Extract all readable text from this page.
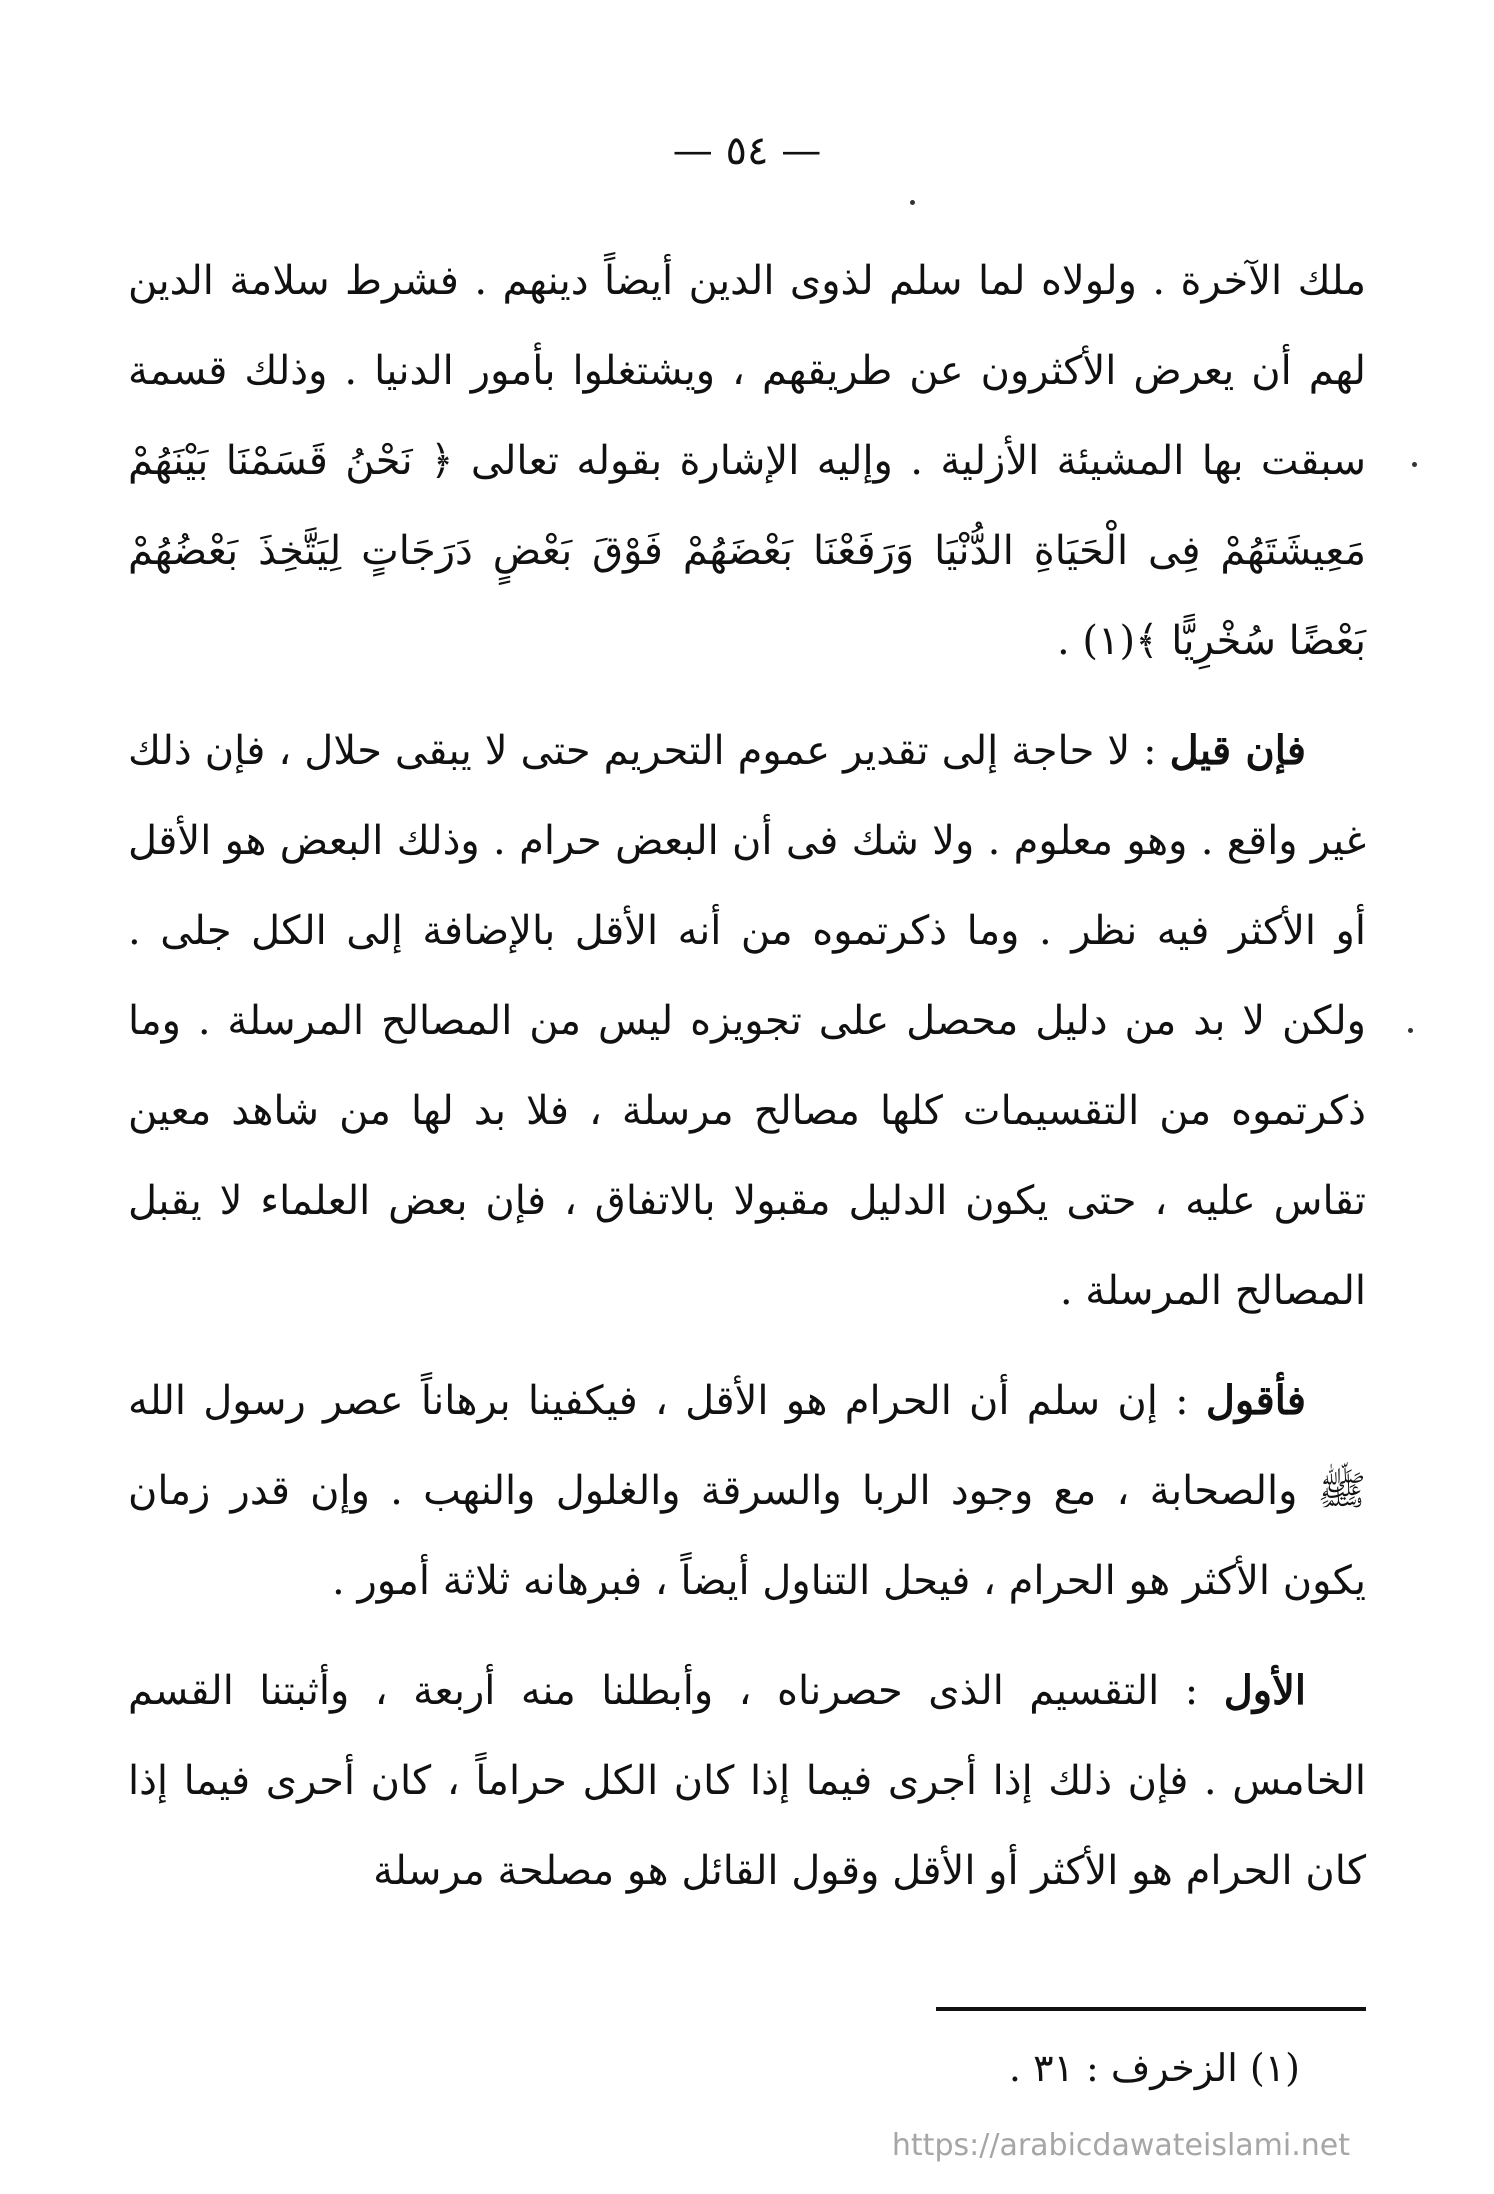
— ٥٤ —

ملك الآخرة . ولولاه لما سلم لذوى الدين أيضاً دينهم . فشرط سلامة الدين لهم أن يعرض الأكثرون عن طريقهم ، ويشتغلوا بأمور الدنيا . وذلك قسمة سبقت بها المشيئة الأزلية . وإليه الإشارة بقوله تعالى ﴿ نَحْنُ قَسَمْنَا بَيْنَهُمْ مَعِيشَتَهُمْ فِى الْحَيَاةِ الدُّنْيَا وَرَفَعْنَا بَعْضَهُمْ فَوْقَ بَعْضٍ دَرَجَاتٍ لِيَتَّخِذَ بَعْضُهُمْ بَعْضًا سُخْرِيًّا ﴾(١) .

فإن قيل : لا حاجة إلى تقدير عموم التحريم حتى لا يبقى حلال ، فإن ذلك غير واقع . وهو معلوم . ولا شك فى أن البعض حرام . وذلك البعض هو الأقل أو الأكثر فيه نظر . وما ذكرتموه من أنه الأقل بالإضافة إلى الكل جلى . ولكن لا بد من دليل محصل على تجويزه ليس من المصالح المرسلة . وما ذكرتموه من التقسيمات كلها مصالح مرسلة ، فلا بد لها من شاهد معين تقاس عليه ، حتى يكون الدليل مقبولا بالاتفاق ، فإن بعض العلماء لا يقبل المصالح المرسلة .

فأقول : إن سلم أن الحرام هو الأقل ، فيكفينا برهاناً عصر رسول الله ﷺ والصحابة ، مع وجود الربا والسرقة والغلول والنهب . وإن قدر زمان يكون الأكثر هو الحرام ، فيحل التناول أيضاً ، فبرهانه ثلاثة أمور .

الأول : التقسيم الذى حصرناه ، وأبطلنا منه أربعة ، وأثبتنا القسم الخامس . فإن ذلك إذا أجرى فيما إذا كان الكل حراماً ، كان أحرى فيما إذا كان الحرام هو الأكثر أو الأقل وقول القائل هو مصلحة مرسلة

(١) الزخرف : ٣١ .
https://arabicdawateislami.net
